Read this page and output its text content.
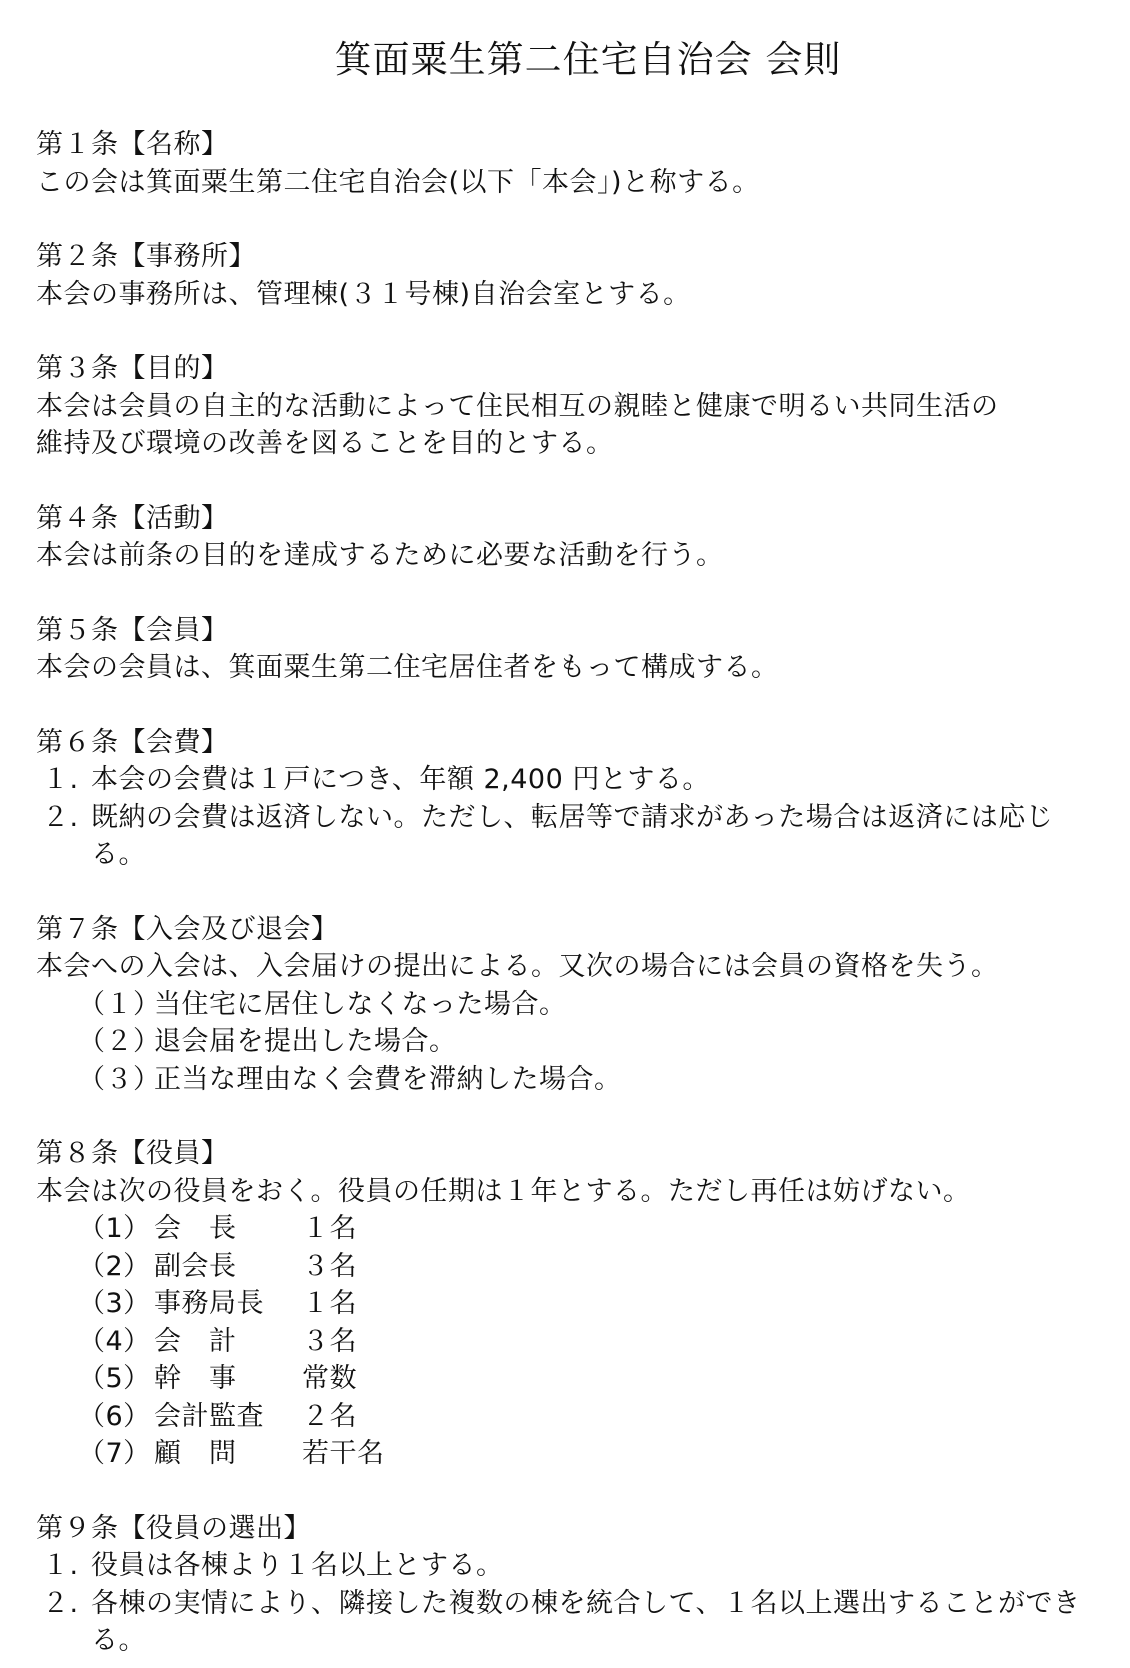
箕面粟生第二住宅自治会 会則
第１条【名称】
この会は箕面粟生第二住宅自治会(以下「本会」)と称する。
第２条【事務所】
本会の事務所は、管理棟(３１号棟)自治会室とする。
第３条【目的】
本会は会員の自主的な活動によって住民相互の親睦と健康で明るい共同生活の
維持及び環境の改善を図ることを目的とする。
第４条【活動】
本会は前条の目的を達成するために必要な活動を行う。
第５条【会員】
本会の会員は、箕面粟生第二住宅居住者をもって構成する。
第６条【会費】
１. 本会の会費は１戸につき、年額 2,400 円とする。
２. 既納の会費は返済しない。ただし、転居等で請求があった場合は返済には応じる。
第７条【入会及び退会】
本会への入会は、入会届けの提出による。又次の場合には会員の資格を失う。
（１）
当住宅に居住しなくなった場合。
（２）
退会届を提出した場合。
（３）
正当な理由なく会費を滞納した場合。
第８条【役員】
本会は次の役員をおく。役員の任期は１年とする。ただし再任は妨げない。
（1） 会　長	１名
（2） 副会長	３名
（3） 事務局長	１名
（4） 会　計	３名
（5） 幹　事	常数
（6） 会計監査	２名
（7） 顧　問	若干名
第９条【役員の選出】
１. 役員は各棟より１名以上とする。
２. 各棟の実情により、隣接した複数の棟を統合して、１名以上選出することができる。
